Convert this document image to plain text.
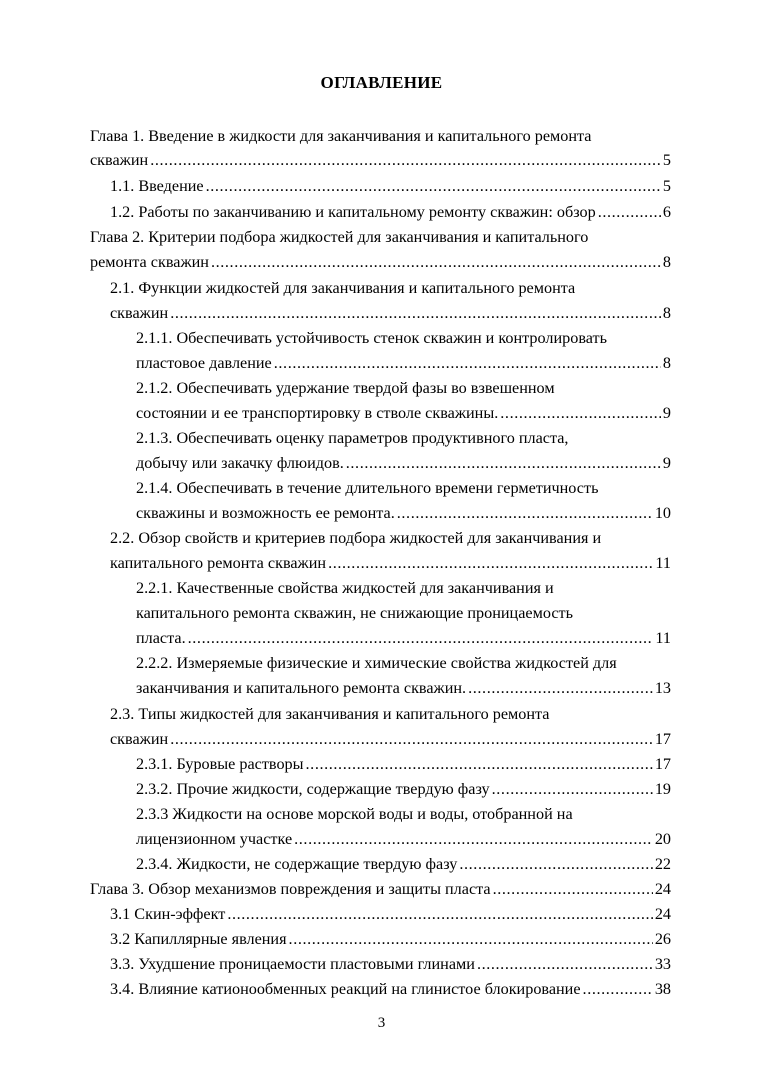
ОГЛАВЛЕНИЕ
Глава 1. Введение в жидкости для заканчивания и капитального ремонта
скважин .....	5
1.1. Введение .....	5
1.2. Работы по заканчиванию и капитальному ремонту скважин: обзор .....	6
Глава 2. Критерии подбора жидкостей для заканчивания и капитального
ремонта скважин .....	8
2.1. Функции жидкостей для заканчивания и капитального ремонта
скважин .....	8
2.1.1. Обеспечивать устойчивость стенок скважин и контролировать
пластовое давление .....	8
2.1.2. Обеспечивать удержание твердой фазы во взвешенном
состоянии и ее транспортировку в стволе скважины. .....	9
2.1.3. Обеспечивать оценку параметров продуктивного пласта,
добычу или закачку флюидов. .....	9
2.1.4. Обеспечивать в течение длительного времени герметичность
скважины и возможность ее ремонта. .....	10
2.2. Обзор свойств и критериев подбора жидкостей для заканчивания и
капитального ремонта скважин .....	11
2.2.1. Качественные свойства жидкостей для заканчивания и
капитального ремонта скважин, не снижающие проницаемость
пласта. .....	11
2.2.2. Измеряемые физические и химические свойства жидкостей для
заканчивания и капитального ремонта скважин. .....	13
2.3. Типы жидкостей для заканчивания и капитального ремонта
скважин .....	17
2.3.1. Буровые растворы .....	17
2.3.2. Прочие жидкости, содержащие твердую фазу .....	19
2.3.3 Жидкости на основе морской воды и воды, отобранной на
лицензионном участке .....	20
2.3.4. Жидкости, не содержащие твердую фазу .....	22
Глава 3. Обзор механизмов повреждения и защиты пласта .....	24
3.1 Скин-эффект .....	24
3.2 Капиллярные явления .....	26
3.3. Ухудшение проницаемости пластовыми глинами .....	33
3.4. Влияние катионообменных реакций на глинистое блокирование .....	38
3
